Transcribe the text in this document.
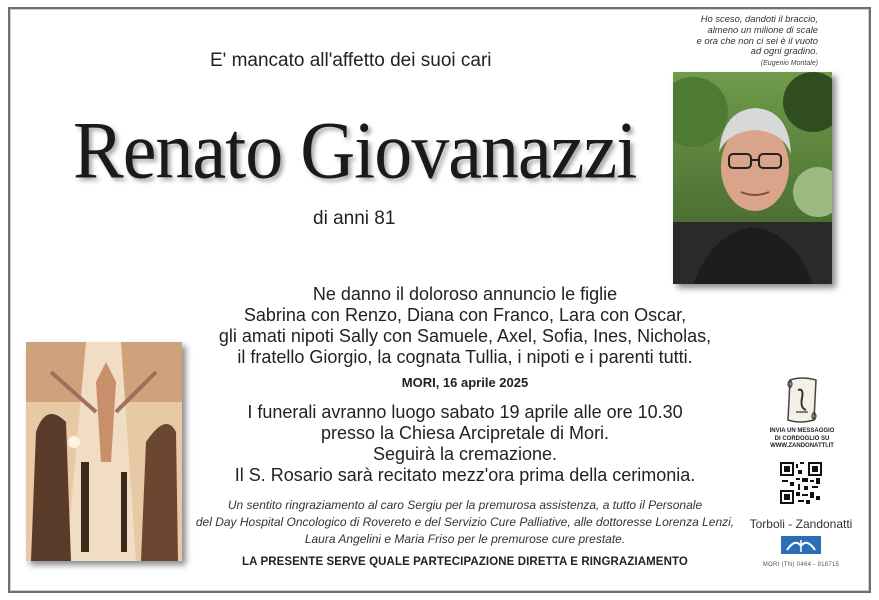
Ho sceso, dandoti il braccio,
almeno un milione di scale
e ora che non ci sei è il vuoto
ad ogni gradino.
(Eugenio Montale)
E' mancato all'affetto dei suoi cari
Renato Giovanazzi
di anni 81
Ne danno il doloroso annuncio le figlie
Sabrina con Renzo, Diana con Franco, Lara con Oscar,
gli amati nipoti Sally con Samuele, Axel, Sofia, Ines, Nicholas,
il fratello Giorgio, la cognata Tullia, i nipoti e i parenti tutti.
MORI, 16 aprile 2025
I funerali avranno luogo sabato 19 aprile alle ore 10.30
presso la Chiesa Arcipretale di Mori.
Seguirà la cremazione.
Il S. Rosario sarà recitato mezz'ora prima della cerimonia.
Un sentito ringraziamento al caro Sergiu per la premurosa assistenza, a tutto il Personale
del Day Hospital Oncologico di Rovereto e del Servizio Cure Palliative, alle dottoresse Lorenza Lenzi,
Laura Angelini e Maria Friso per le premurose cure prestate.
LA PRESENTE SERVE QUALE PARTECIPAZIONE DIRETTA E RINGRAZIAMENTO
INVIA UN MESSAGGIO
DI CORDOGLIO SU
WWW.ZANDONATTI.IT
Torboli - Zandonatti
MORI (TN) 0464 - 918715
